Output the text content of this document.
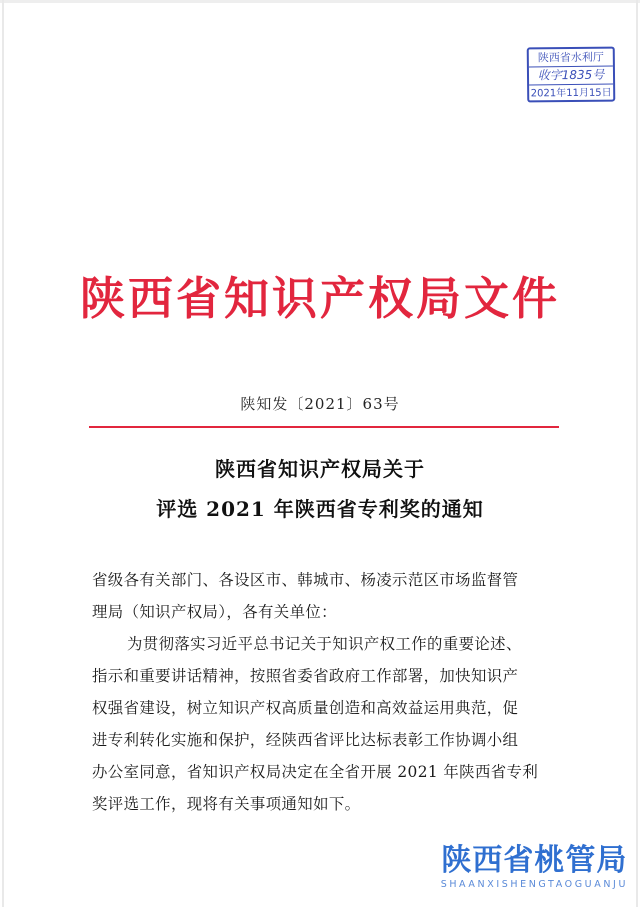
陕西省水利厅
收字1835号
2021年11月15日
陕西省知识产权局文件
陕知发〔2021〕63号
陕西省知识产权局关于
评选 2021 年陕西省专利奖的通知
省级各有关部门、各设区市、韩城市、杨凌示范区市场监督管
理局（知识产权局），各有关单位：
为贯彻落实习近平总书记关于知识产权工作的重要论述、
指示和重要讲话精神，按照省委省政府工作部署，加快知识产
权强省建设，树立知识产权高质量创造和高效益运用典范，促
进专利转化实施和保护，经陕西省评比达标表彰工作协调小组
办公室同意，省知识产权局决定在全省开展 2021 年陕西省专利
奖评选工作，现将有关事项通知如下。
陕西省桃管局
SHAANXISHENGTAOGUANJU
